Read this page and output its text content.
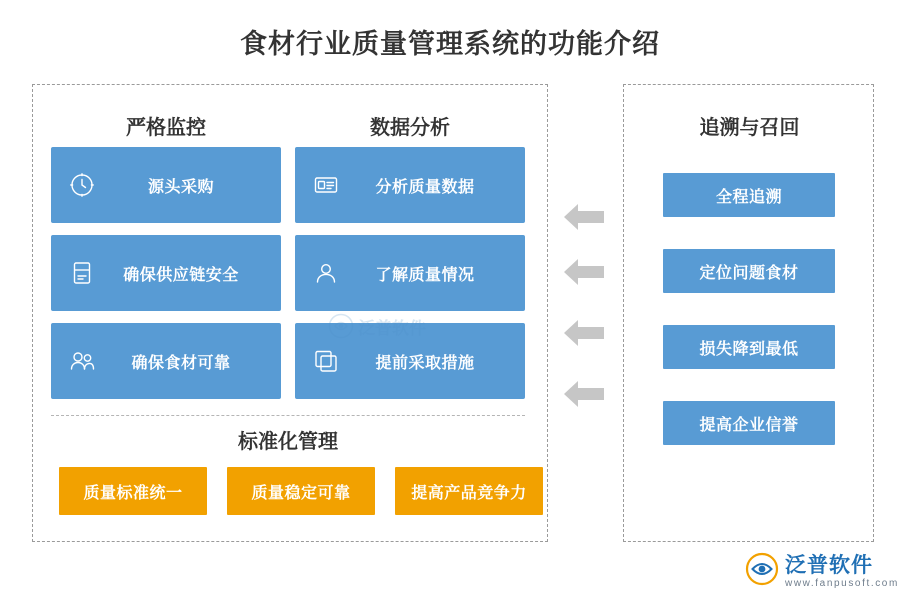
食材行业质量管理系统的功能介绍
严格监控	数据分析
源头采购
确保供应链安全
确保食材可靠
分析质量数据
了解质量情况
提前采取措施
标准化管理
质量标准统一	质量稳定可靠	提高产品竞争力
泛普软件
追溯与召回
全程追溯
定位问题食材
损失降到最低
提高企业信誉
泛普软件
www.fanpusoft.com
